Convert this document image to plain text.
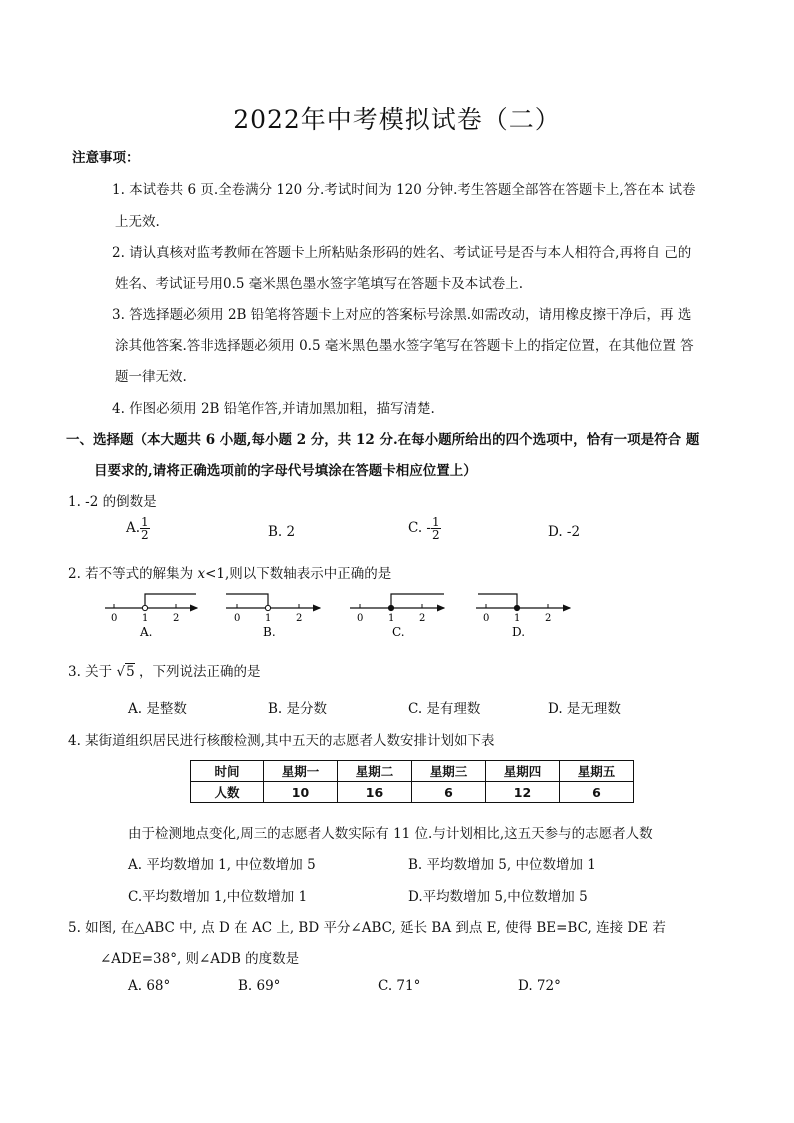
2022年中考模拟试卷（二）
注意事项：
1. 本试卷共 6 页.全卷满分 120 分.考试时间为 120 分钟.考生答题全部答在答题卡上,答在本 试卷
上无效.
2. 请认真核对监考教师在答题卡上所粘贴条形码的姓名、考试证号是否与本人相符合,再将自 己的
姓名、考试证号用0.5 毫米黑色墨水签字笔填写在答题卡及本试卷上.
3. 答选择题必须用 2B 铅笔将答题卡上对应的答案标号涂黑.如需改动，请用橡皮擦干净后，再 选
涂其他答案.答非选择题必须用 0.5 毫米黑色墨水签字笔写在答题卡上的指定位置，在其他位置 答
题一律无效.
4. 作图必须用 2B 铅笔作答,并请加黑加粗，描写清楚.
一、选择题（本大题共 6 小题,每小题 2 分，共 12 分.在每小题所给出的四个选项中，恰有一项是符合 题
目要求的,请将正确选项前的字母代号填涂在答题卡相应位置上）
1. -2 的倒数是
A. $\frac{1}{2}$	B. 2	C. - $\frac{1}{2}$	D. -2
2. 若不等式的解集为 x<1,则以下数轴表示中正确的是
0 1 2
A.
0 1 2
B.
0 1 2
C.
0 1 2
D.
3. 关于 √5 ，下列说法正确的是
A. 是整数	B. 是分数	C. 是有理数	D. 是无理数
4. 某街道组织居民进行核酸检测,其中五天的志愿者人数安排计划如下表
时间	星期一	星期二	星期三	星期四	星期五
人数	10	16	6	12	6
由于检测地点变化,周三的志愿者人数实际有 11 位.与计划相比,这五天参与的志愿者人数
A. 平均数增加 1, 中位数增加 5	B. 平均数增加 5, 中位数增加 1
C.平均数增加 1,中位数增加 1	D.平均数增加 5,中位数增加 5
5. 如图, 在△ABC 中, 点 D 在 AC 上, BD 平分∠ABC, 延长 BA 到点 E, 使得 BE=BC, 连接 DE 若
∠ADE=38°, 则∠ADB 的度数是
A. 68°	B. 69°	C. 71°	D. 72°
